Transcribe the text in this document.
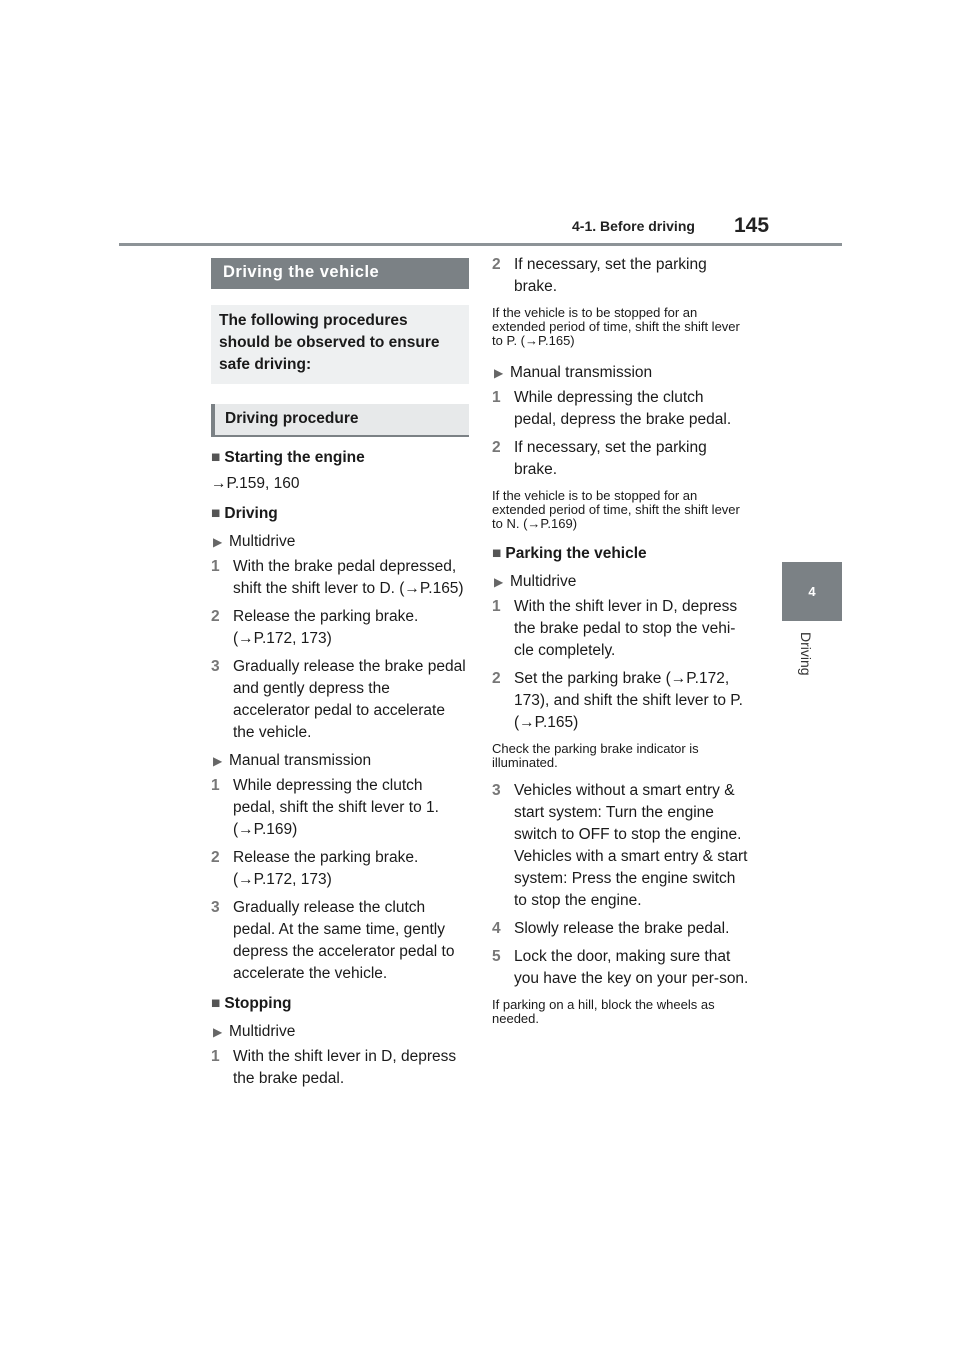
4-1. Before driving 145
4
Driving
Driving the vehicle
The following procedures should be observed to ensure safe driving:
Driving procedure
■ Starting the engine
→P.159, 160
■ Driving
▶ Multidrive
1 With the brake pedal depressed, shift the shift lever to D. (→P.165)
2 Release the parking brake. (→P.172, 173)
3 Gradually release the brake pedal and gently depress the accelerator pedal to accelerate the vehicle.
▶ Manual transmission
1 While depressing the clutch pedal, shift the shift lever to 1. (→P.169)
2 Release the parking brake. (→P.172, 173)
3 Gradually release the clutch pedal. At the same time, gently depress the accelerator pedal to accelerate the vehicle.
■ Stopping
▶ Multidrive
1 With the shift lever in D, depress the brake pedal.
2 If necessary, set the parking brake.
If the vehicle is to be stopped for an extended period of time, shift the shift lever to P. (→P.165)
▶ Manual transmission
1 While depressing the clutch pedal, depress the brake pedal.
2 If necessary, set the parking brake.
If the vehicle is to be stopped for an extended period of time, shift the shift lever to N. (→P.169)
■ Parking the vehicle
▶ Multidrive
1 With the shift lever in D, depress the brake pedal to stop the vehi-cle completely.
2 Set the parking brake (→P.172, 173), and shift the shift lever to P. (→P.165)
Check the parking brake indicator is illuminated.
3 Vehicles without a smart entry & start system: Turn the engine switch to OFF to stop the engine.
Vehicles with a smart entry & start system: Press the engine switch to stop the engine.
4 Slowly release the brake pedal.
5 Lock the door, making sure that you have the key on your per-son.
If parking on a hill, block the wheels as needed.
